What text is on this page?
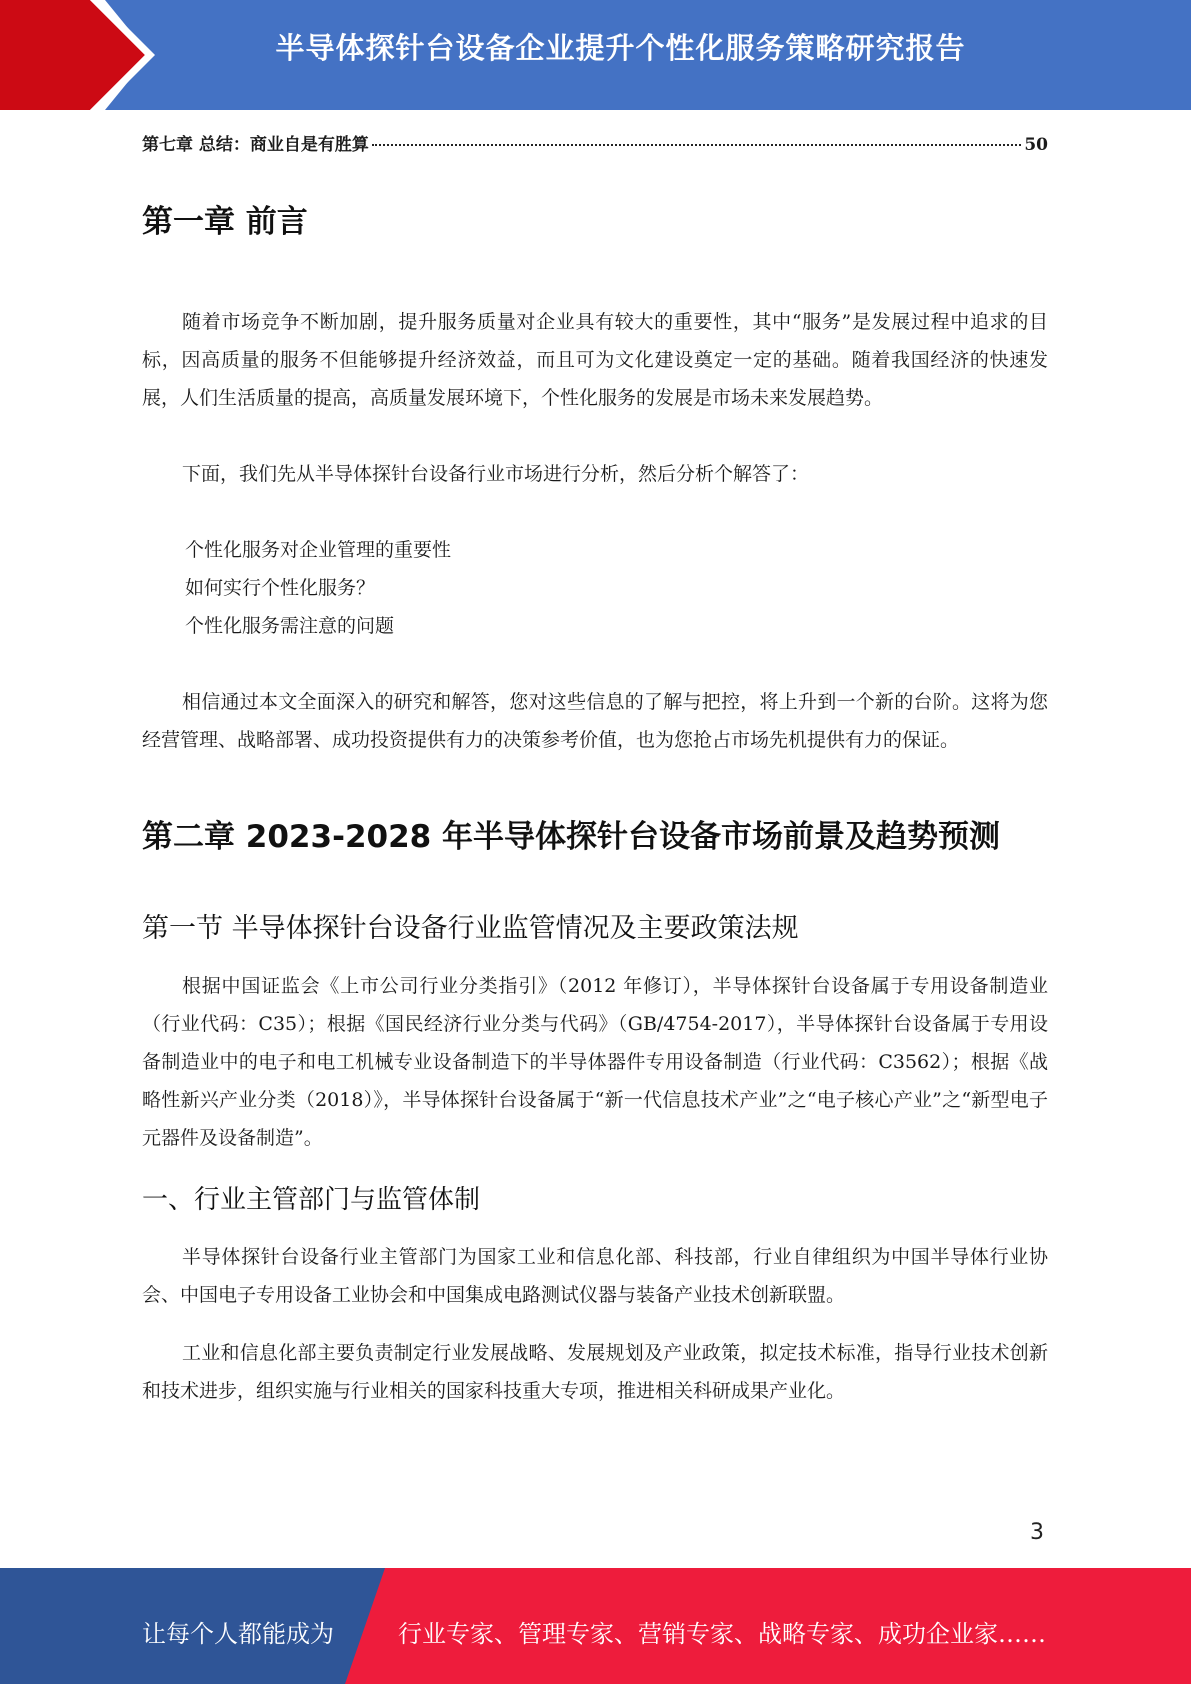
半导体探针台设备企业提升个性化服务策略研究报告
第七章 总结：商业自是有胜算	50
第一章 前言

随着市场竞争不断加剧，提升服务质量对企业具有较大的重要性，其中“服务”是发展过程中追求的目标，因高质量的服务不但能够提升经济效益，而且可为文化建设奠定一定的基础。随着我国经济的快速发展，人们生活质量的提高，高质量发展环境下，个性化服务的发展是市场未来发展趋势。

下面，我们先从半导体探针台设备行业市场进行分析，然后分析个解答了：

个性化服务对企业管理的重要性
如何实行个性化服务？
个性化服务需注意的问题

相信通过本文全面深入的研究和解答，您对这些信息的了解与把控，将上升到一个新的台阶。这将为您经营管理、战略部署、成功投资提供有力的决策参考价值，也为您抢占市场先机提供有力的保证。

第二章 2023-2028 年半导体探针台设备市场前景及趋势预测
第一节 半导体探针台设备行业监管情况及主要政策法规

根据中国证监会《上市公司行业分类指引》（2012 年修订），半导体探针台设备属于专用设备制造业（行业代码：C35）；根据《国民经济行业分类与代码》（GB/4754-2017），半导体探针台设备属于专用设备制造业中的电子和电工机械专业设备制造下的半导体器件专用设备制造（行业代码：C3562）；根据《战略性新兴产业分类（2018）》，半导体探针台设备属于“新一代信息技术产业”之“电子核心产业”之“新型电子元器件及设备制造”。

一、行业主管部门与监管体制

半导体探针台设备行业主管部门为国家工业和信息化部、科技部，行业自律组织为中国半导体行业协会、中国电子专用设备工业协会和中国集成电路测试仪器与装备产业技术创新联盟。

工业和信息化部主要负责制定行业发展战略、发展规划及产业政策，拟定技术标准，指导行业技术创新和技术进步，组织实施与行业相关的国家科技重大专项，推进相关科研成果产业化。

3
让每个人都能成为	行业专家、管理专家、营销专家、战略专家、成功企业家……
